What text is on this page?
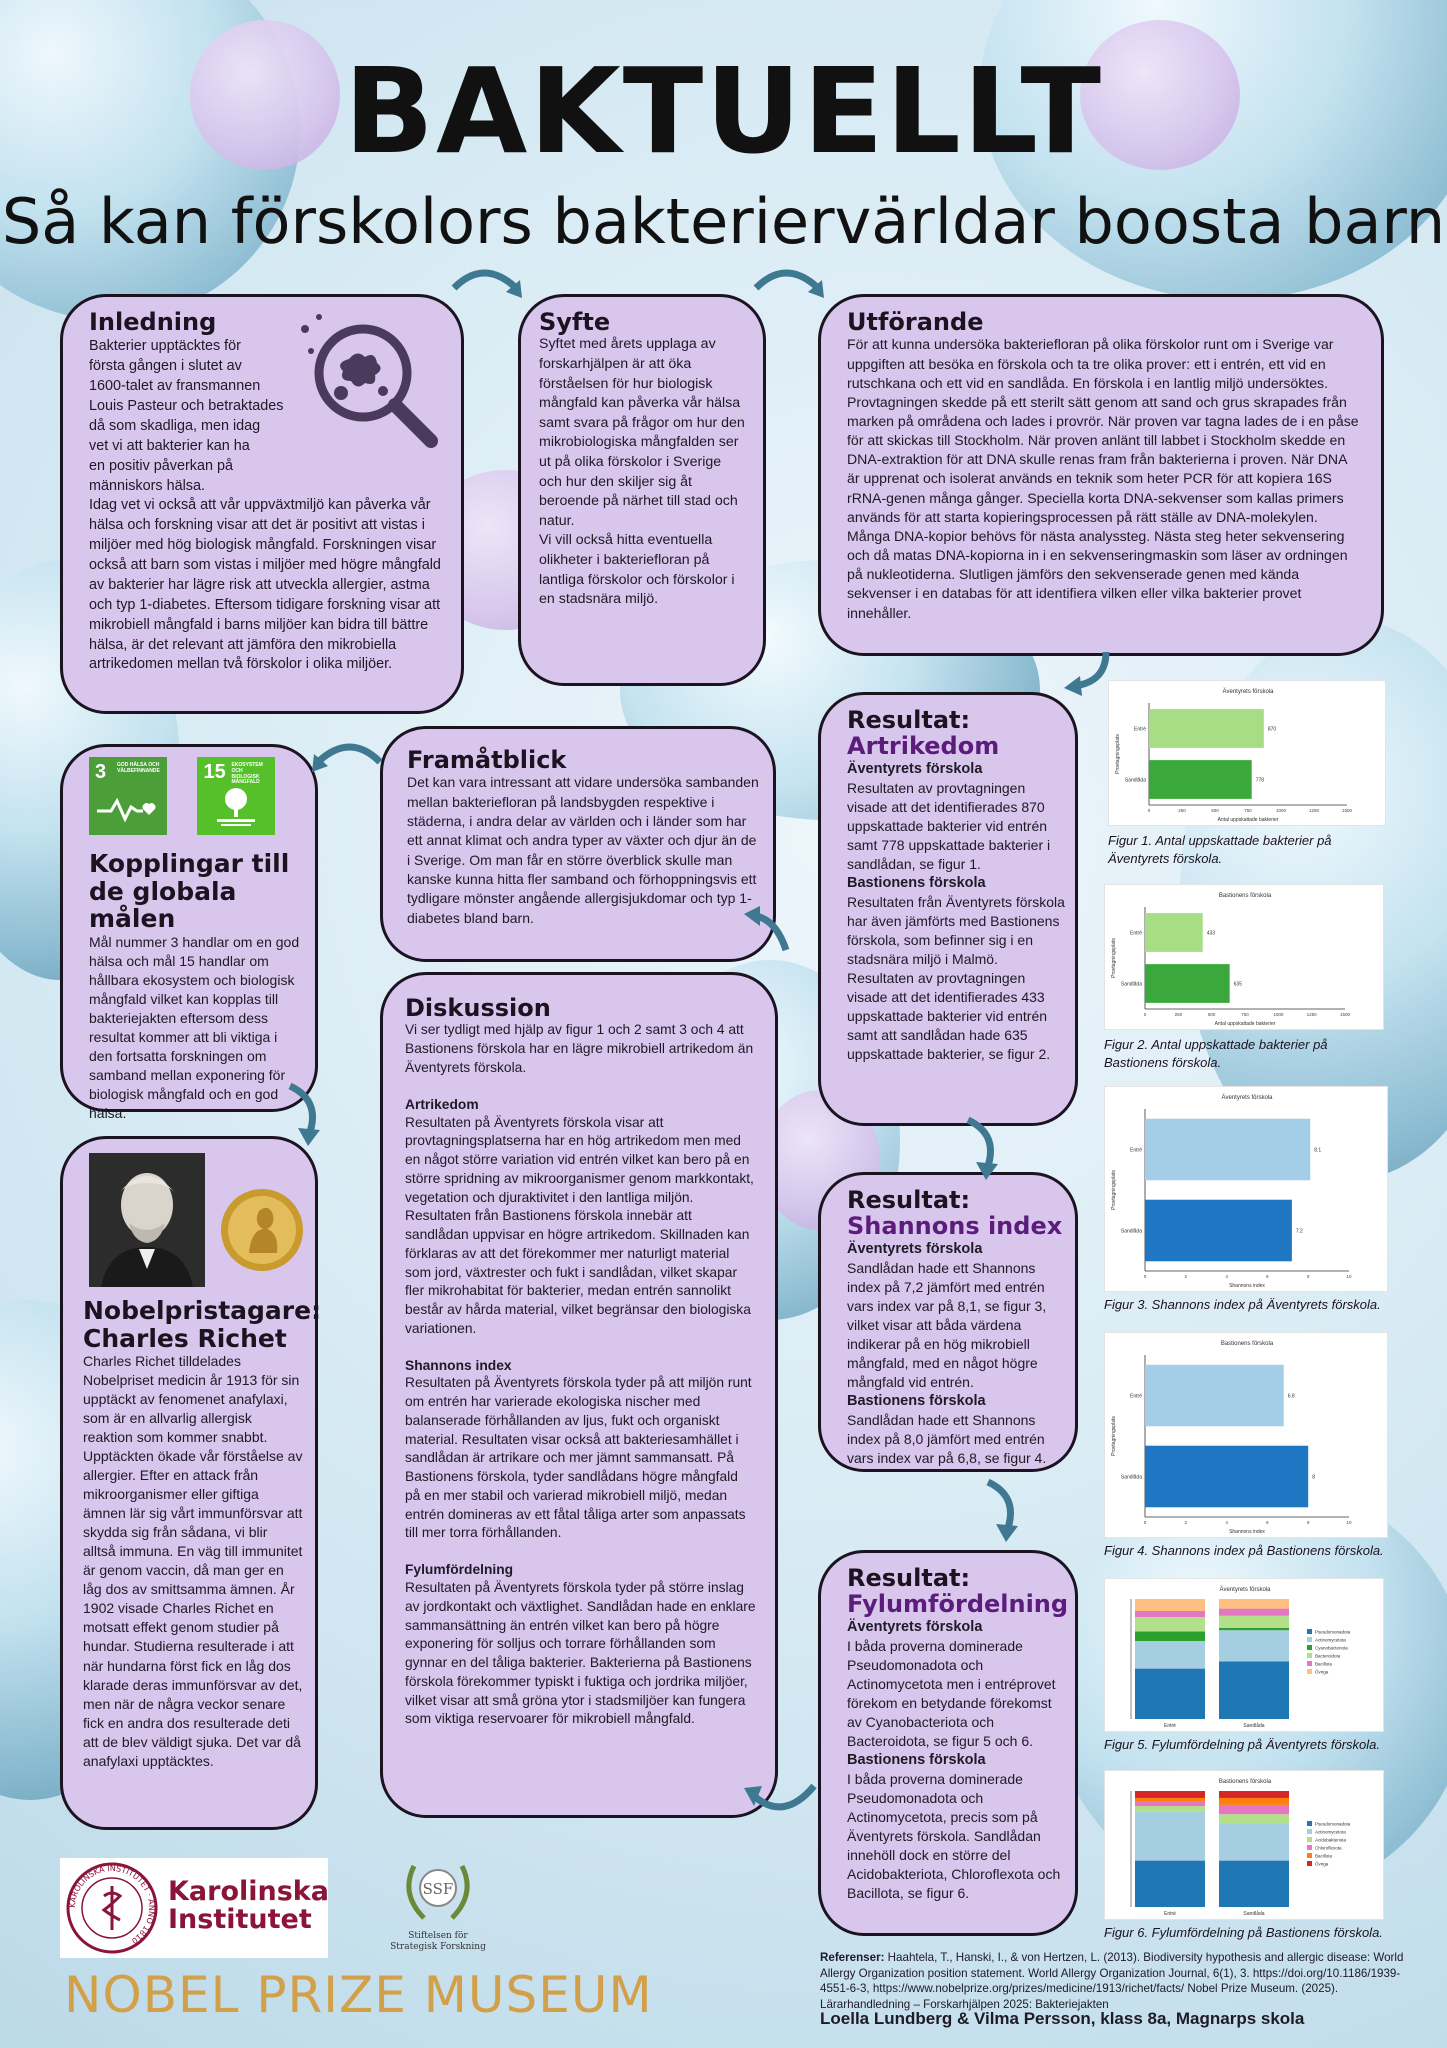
BAKTUELLT
Så kan förskolors bakteriervärldar boosta barn
Inledning

Bakterier upptäcktes för

första gången i slutet av

1600-talet av fransmannen

Louis Pasteur och betraktades

då som skadliga, men idag

vet vi att bakterier kan ha

en positiv påverkan på

människors hälsa.

Idag vet vi också att vår uppväxtmiljö kan påverka vår hälsa och forskning visar att det är positivt att vistas i miljöer med hög biologisk mångfald. Forskningen visar också att barn som vistas i miljöer med högre mångfald av bakterier har lägre risk att utveckla allergier, astma och typ 1-diabetes. Eftersom tidigare forskning visar att mikrobiell mångfald i barns miljöer kan bidra till bättre hälsa, är det relevant att jämföra den mikrobiella artrikedomen mellan två förskolor i olika miljöer.

Syfte

Syftet med årets upplaga av forskarhjälpen är att öka förståelsen för hur biologisk mångfald kan påverka vår hälsa samt svara på frågor om hur den mikrobiologiska mångfalden ser ut på olika förskolor i Sverige och hur den skiljer sig åt beroende på närhet till stad och natur.
Vi vill också hitta eventuella olikheter i bakteriefloran på lantliga förskolor och förskolor i en stadsnära miljö.

Utförande

För att kunna undersöka bakteriefloran på olika förskolor runt om i Sverige var uppgiften att besöka en förskola och ta tre olika prover: ett i entrén, ett vid en rutschkana och ett vid en sandlåda. En förskola i en lantlig miljö undersöktes. Provtagningen skedde på ett sterilt sätt genom att sand och grus skrapades från marken på områdena och lades i provrör. När proven var tagna lades de i en påse för att skickas till Stockholm. När proven anlänt till labbet i Stockholm skedde en DNA-extraktion för att DNA skulle renas fram från bakterierna i proven. När DNA är upprenat och isolerat används en teknik som heter PCR för att kopiera 16S rRNA-genen många gånger. Speciella korta DNA-sekvenser som kallas primers används för att starta kopieringsprocessen på rätt ställe av DNA-molekylen. Många DNA-kopior behövs för nästa analyssteg. Nästa steg heter sekvensering och då matas DNA-kopiorna in i en sekvenseringmaskin som läser av ordningen på nukleotiderna. Slutligen jämförs den sekvenserade genen med kända sekvenser i en databas för att identifiera vilken eller vilka bakterier provet innehåller.

3 GOD HÄLSA OCH VÄLBEFINNANDE
15 EKOSYSTEM OCH BIOLOGISK MÅNGFALD
Kopplingar till
de globala målen

Mål nummer 3 handlar om en god hälsa och mål 15 handlar om hållbara ekosystem och biologisk mångfald vilket kan kopplas till bakteriejakten eftersom dess resultat kommer att bli viktiga i den fortsatta forskningen om samband mellan exponering för biologisk mångfald och en god hälsa.

Framåtblick

Det kan vara intressant att vidare undersöka sambanden mellan bakteriefloran på landsbygden respektive i städerna, i andra delar av världen och i länder som har ett annat klimat och andra typer av växter och djur än de i Sverige. Om man får en större överblick skulle man kanske kunna hitta fler samband och förhoppningsvis ett tydligare mönster angående allergisjukdomar och typ 1-diabetes bland barn.

Nobelpristagare:
Charles Richet

Charles Richet tilldelades Nobelpriset medicin år 1913 för sin upptäckt av fenomenet anafylaxi, som är en allvarlig allergisk reaktion som kommer snabbt. Upptäckten ökade vår förståelse av allergier. Efter en attack från mikroorganismer eller giftiga ämnen lär sig vårt immunförsvar att skydda sig från sådana, vi blir alltså immuna. En väg till immunitet är genom vaccin, då man ger en låg dos av smittsamma ämnen. År 1902 visade Charles Richet en motsatt effekt genom studier på hundar. Studierna resulterade i att när hundarna först fick en låg dos klarade deras immunförsvar av det, men när de några veckor senare fick en andra dos resulterade deti att de blev väldigt sjuka. Det var då anafylaxi upptäcktes.

Diskussion

Vi ser tydligt med hjälp av figur 1 och 2 samt 3 och 4 att Bastionens förskola har en lägre mikrobiell artrikedom än Äventyrets förskola.

Artrikedom

Resultaten på Äventyrets förskola visar att provtagningsplatserna har en hög artrikedom men med en något större variation vid entrén vilket kan bero på en större spridning av mikroorganismer genom markkontakt, vegetation och djuraktivitet i den lantliga miljön. Resultaten från Bastionens förskola innebär att sandlådan uppvisar en högre artrikedom. Skillnaden kan förklaras av att det förekommer mer naturligt material som jord, växtrester och fukt i sandlådan, vilket skapar fler mikrohabitat för bakterier, medan entrén sannolikt består av hårda material, vilket begränsar den biologiska variationen.

Shannons index

Resultaten på Äventyrets förskola tyder på att miljön runt om entrén har varierade ekologiska nischer med balanserade förhållanden av ljus, fukt och organiskt material. Resultaten visar också att bakteriesamhället i sandlådan är artrikare och mer jämnt sammansatt. På Bastionens förskola, tyder sandlådans högre mångfald på en mer stabil och varierad mikrobiell miljö, medan entrén domineras av ett fåtal tåliga arter som anpassats till mer torra förhållanden.

Fylumfördelning

Resultaten på Äventyrets förskola tyder på större inslag av jordkontakt och växtlighet. Sandlådan hade en enklare sammansättning än entrén vilket kan bero på högre exponering för solljus och torrare förhållanden som gynnar en del tåliga bakterier. Bakterierna på Bastionens förskola förekommer typiskt i fuktiga och jordrika miljöer, vilket visar att små gröna ytor i stadsmiljöer kan fungera som viktiga reservoarer för mikrobiell mångfald.

Resultat:
Artrikedom
Äventyrets förskola

Resultaten av provtagningen visade att det identifierades 870 uppskattade bakterier vid entrén samt 778 uppskattade bakterier i sandlådan, se figur 1.

Bastionens förskola

Resultaten från Äventyrets förskola har även jämförts med Bastionens förskola, som befinner sig i en stadsnära miljö i Malmö. Resultaten av provtagningen visade att det identifierades 433 uppskattade bakterier vid entrén samt att sandlådan hade 635 uppskattade bakterier, se figur 2.

Resultat:
Shannons index
Äventyrets förskola

Sandlådan hade ett Shannons index på 7,2 jämfört med entrén vars index var på 8,1, se figur 3, vilket visar att båda värdena indikerar på en hög mikrobiell mångfald, med en något högre mångfald vid entrén.

Bastionens förskola

Sandlådan hade ett Shannons index på 8,0 jämfört med entrén vars index var på 6,8, se figur 4.

Resultat:
Fylumfördelning
Äventyrets förskola

I båda proverna dominerade Pseudomonadota och Actinomycetota men i entréprovet förekom en betydande förekomst av Cyanobacteriota och Bacteroidota, se figur 5 och 6.

Bastionens förskola

I båda proverna dominerade Pseudomonadota och Actinomycetota, precis som på Äventyrets förskola. Sandlådan innehöll dock en större del Acidobakteriota, Chloroflexota och Bacillota, se figur 6.

Äventyrets förskola
Provtagningsplats
Antal uppskattade bakterier
0	250	500	750	1000	1250	1500
Entré	870
Sandlåda	778
Figur 1. Antal uppskattade bakterier på Äventyrets förskola.
Bastionens förskola
Provtagningsplats
Antal uppskattade bakterier
0	250	500	750	1000	1250	1500
Entré	433
Sandlåda	635
Figur 2. Antal uppskattade bakterier på Bastionens förskola.
Äventyrets förskola
Provtagningsplats
Shannons index
0	2	4	6	8	10
Entré	8.1
Sandlåda	7.2
Figur 3. Shannons index på Äventyrets förskola.
Bastionens förskola
Provtagningsplats
Shannons index
0	2	4	6	8	10
Entré	6.8
Sandlåda	8
Figur 4. Shannons index på Bastionens förskola.
Äventyrets förskola
Entré	Sandlåda
Pseudomonadota
Actinomycetota
Cyanobacteriota
Bacteroidota
Bacillota
Övriga
Figur 5. Fylumfördelning på Äventyrets förskola.
Bastionens förskola
Entré	Sandlåda
Pseudomonadota
Actinomycetota
Acidobakteriota
Chloroflexota
Bacillota
Övriga
Figur 6. Fylumfördelning på Bastionens förskola.
KAROLINSKA INSTITUTET · ANNO 1810
Karolinska
Institutet
SSF
Stiftelsen för
Strategisk Forskning
NOBEL PRIZE MUSEUM
Referenser: Haahtela, T., Hanski, I., & von Hertzen, L. (2013). Biodiversity hypothesis and allergic disease: World Allergy Organization position statement. World Allergy Organization Journal, 6(1), 3. https://doi.org/10.1186/1939-4551-6-3, https://www.nobelprize.org/prizes/medicine/1913/richet/facts/ Nobel Prize Museum. (2025). Lärarhandledning – Forskarhjälpen 2025: Bakteriejakten
Loella Lundberg & Vilma Persson, klass 8a, Magnarps skola
